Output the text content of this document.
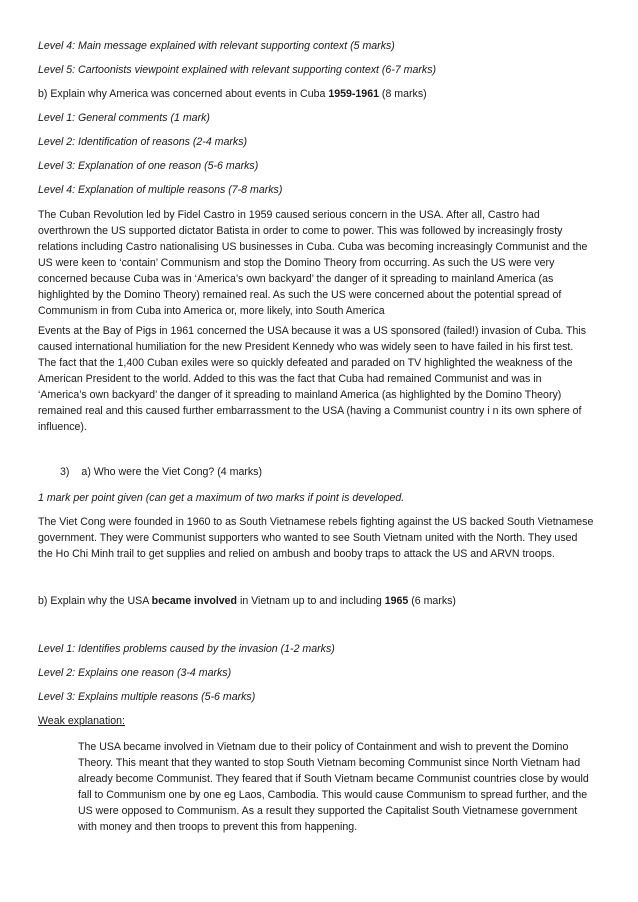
Level 4: Main message explained with relevant supporting context (5 marks)
Level 5: Cartoonists viewpoint explained with relevant supporting context (6-7 marks)
b) Explain why America was concerned about events in Cuba 1959-1961 (8 marks)
Level 1: General comments (1 mark)
Level 2: Identification of reasons (2-4 marks)
Level 3: Explanation of one reason (5-6 marks)
Level 4: Explanation of multiple reasons (7-8 marks)
The Cuban Revolution led by Fidel Castro in 1959 caused serious concern in the USA. After all, Castro had
overthrown the US supported dictator Batista in order to come to power. This was followed by increasingly frosty
relations including Castro nationalising US businesses in Cuba. Cuba was becoming increasingly Communist and the
US were keen to ‘contain’ Communism and stop the Domino Theory from occurring. As such the US were very
concerned because Cuba was in ‘America’s own backyard’ the danger of it spreading to mainland America (as
highlighted by the Domino Theory) remained real. As such the US were concerned about the potential spread of
Communism in from Cuba into America or, more likely, into South America
Events at the Bay of Pigs in 1961 concerned the USA because it was a US sponsored (failed!) invasion of Cuba. This
caused international humiliation for the new President Kennedy who was widely seen to have failed in his first test.
The fact that the 1,400 Cuban exiles were so quickly defeated and paraded on TV highlighted the weakness of the
American President to the world. Added to this was the fact that Cuba had remained Communist and was in
‘America’s own backyard’ the danger of it spreading to mainland America (as highlighted by the Domino Theory)
remained real and this caused further embarrassment to the USA (having a Communist country i n its own sphere of
influence).
3) a) Who were the Viet Cong? (4 marks)
1 mark per point given (can get a maximum of two marks if point is developed.
The Viet Cong were founded in 1960 to as South Vietnamese rebels fighting against the US backed South Vietnamese
government. They were Communist supporters who wanted to see South Vietnam united with the North. They used
the Ho Chi Minh trail to get supplies and relied on ambush and booby traps to attack the US and ARVN troops.
b) Explain why the USA became involved in Vietnam up to and including 1965 (6 marks)
Level 1: Identifies problems caused by the invasion (1-2 marks)
Level 2: Explains one reason (3-4 marks)
Level 3: Explains multiple reasons (5-6 marks)
Weak explanation:
The USA became involved in Vietnam due to their policy of Containment and wish to prevent the Domino
Theory. This meant that they wanted to stop South Vietnam becoming Communist since North Vietnam had
already become Communist. They feared that if South Vietnam became Communist countries close by would
fall to Communism one by one eg Laos, Cambodia. This would cause Communism to spread further, and the
US were opposed to Communism. As a result they supported the Capitalist South Vietnamese government
with money and then troops to prevent this from happening.
